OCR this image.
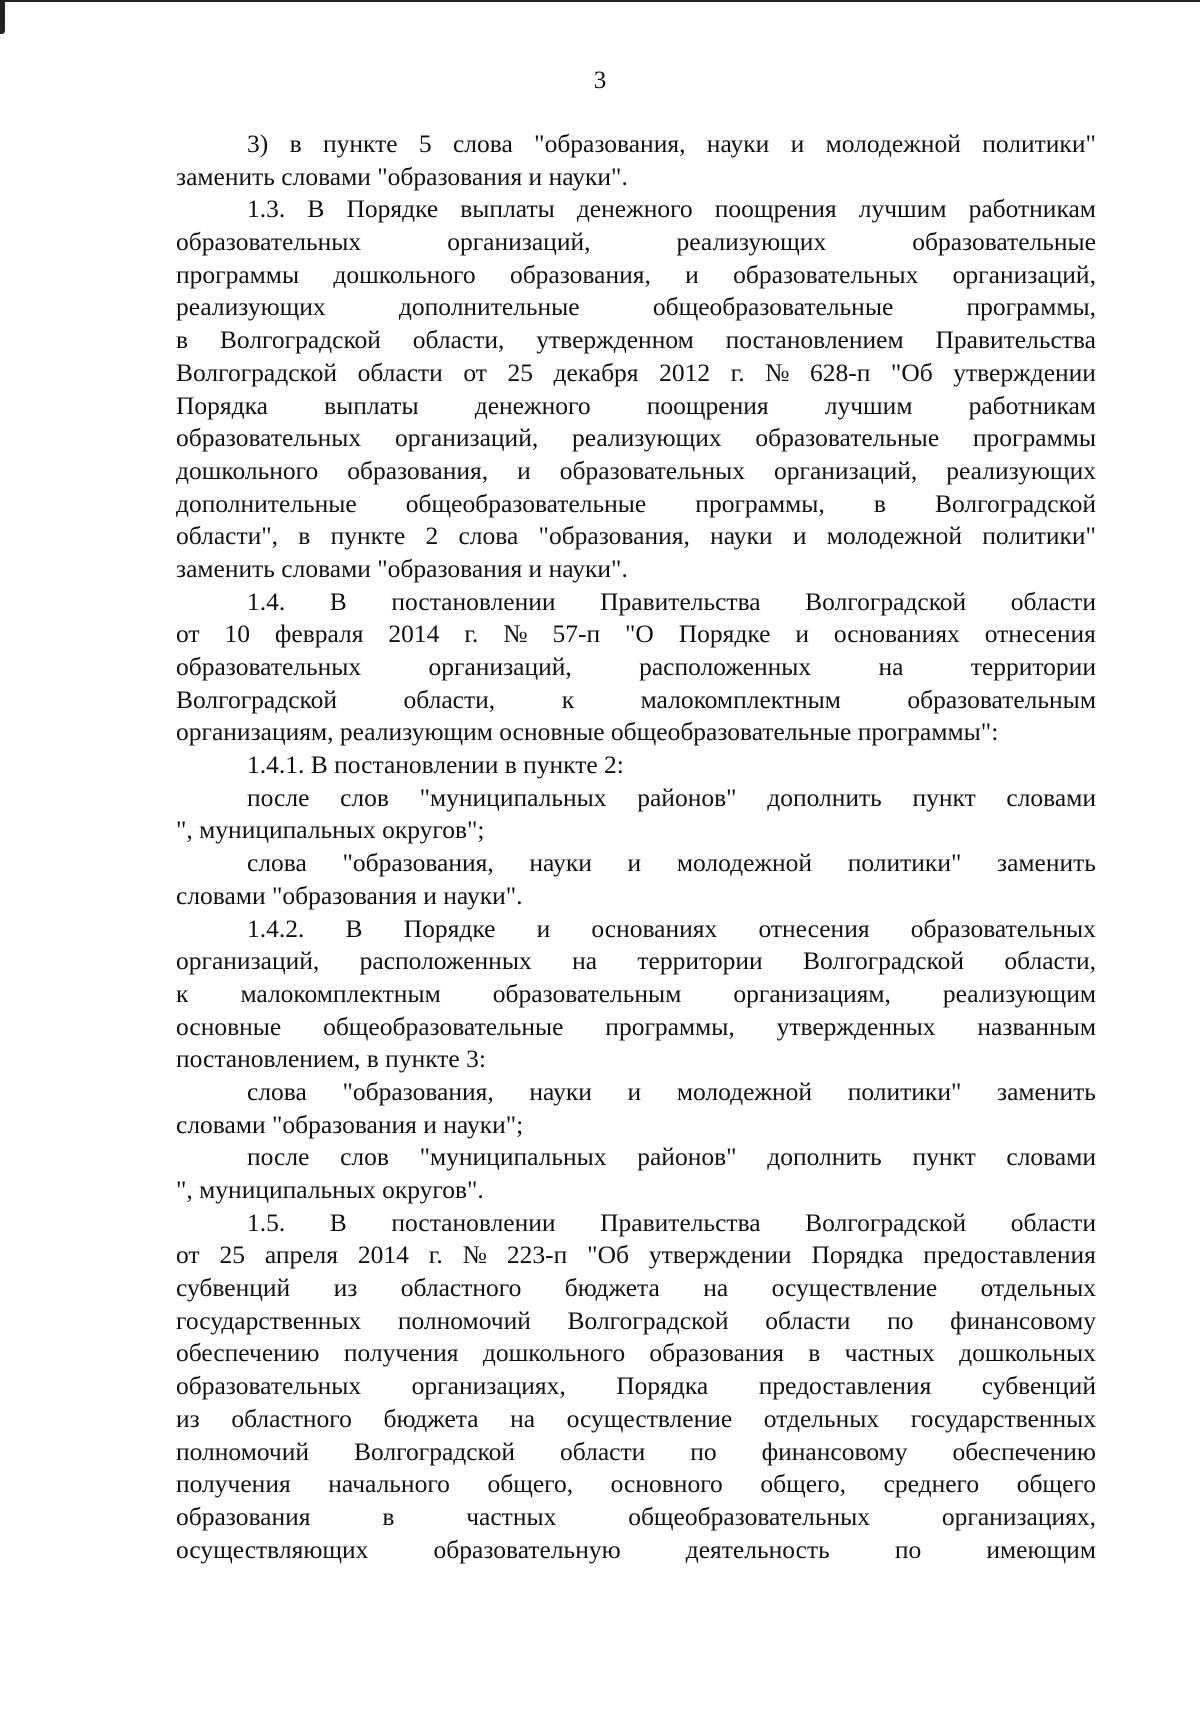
3
3) в пункте 5 слова "образования, науки и молодежной политики"
заменить словами "образования и науки".
1.3. В Порядке выплаты денежного поощрения лучшим работникам
образовательных	организаций,	реализующих	образовательные
программы дошкольного образования, и образовательных организаций,
реализующих	дополнительные	общеобразовательные	программы,
в Волгоградской области, утвержденном постановлением Правительства
Волгоградской области от 25 декабря 2012 г. № 628-п "Об утверждении
Порядка выплаты денежного поощрения лучшим работникам
образовательных организаций, реализующих образовательные программы
дошкольного образования, и образовательных организаций, реализующих
дополнительные общеобразовательные программы, в Волгоградской
области", в пункте 2 слова "образования, науки и молодежной политики"
заменить словами "образования и науки".
1.4. В постановлении Правительства Волгоградской области
от 10 февраля 2014 г. № 57-п "О Порядке и основаниях отнесения
образовательных	организаций,	расположенных	на	территории
Волгоградской	области,	к	малокомплектным	образовательным
организациям, реализующим основные общеобразовательные программы":
1.4.1. В постановлении в пункте 2:
после слов "муниципальных районов" дополнить пункт словами
", муниципальных округов";
слова "образования, науки и молодежной политики" заменить
словами "образования и науки".
1.4.2. В Порядке и основаниях отнесения образовательных
организаций, расположенных на территории Волгоградской области,
к малокомплектным образовательным организациям, реализующим
основные общеобразовательные программы, утвержденных названным
постановлением, в пункте 3:
слова "образования, науки и молодежной политики" заменить
словами "образования и науки";
после слов "муниципальных районов" дополнить пункт словами
", муниципальных округов".
1.5. В постановлении Правительства Волгоградской области
от 25 апреля 2014 г. № 223-п "Об утверждении Порядка предоставления
субвенций из областного бюджета на осуществление отдельных
государственных полномочий Волгоградской области по финансовому
обеспечению получения дошкольного образования в частных дошкольных
образовательных организациях, Порядка предоставления субвенций
из областного бюджета на осуществление отдельных государственных
полномочий Волгоградской области по финансовому обеспечению
получения начального общего, основного общего, среднего общего
образования	в	частных	общеобразовательных	организациях,
осуществляющих	образовательную	деятельность	по	имеющим
